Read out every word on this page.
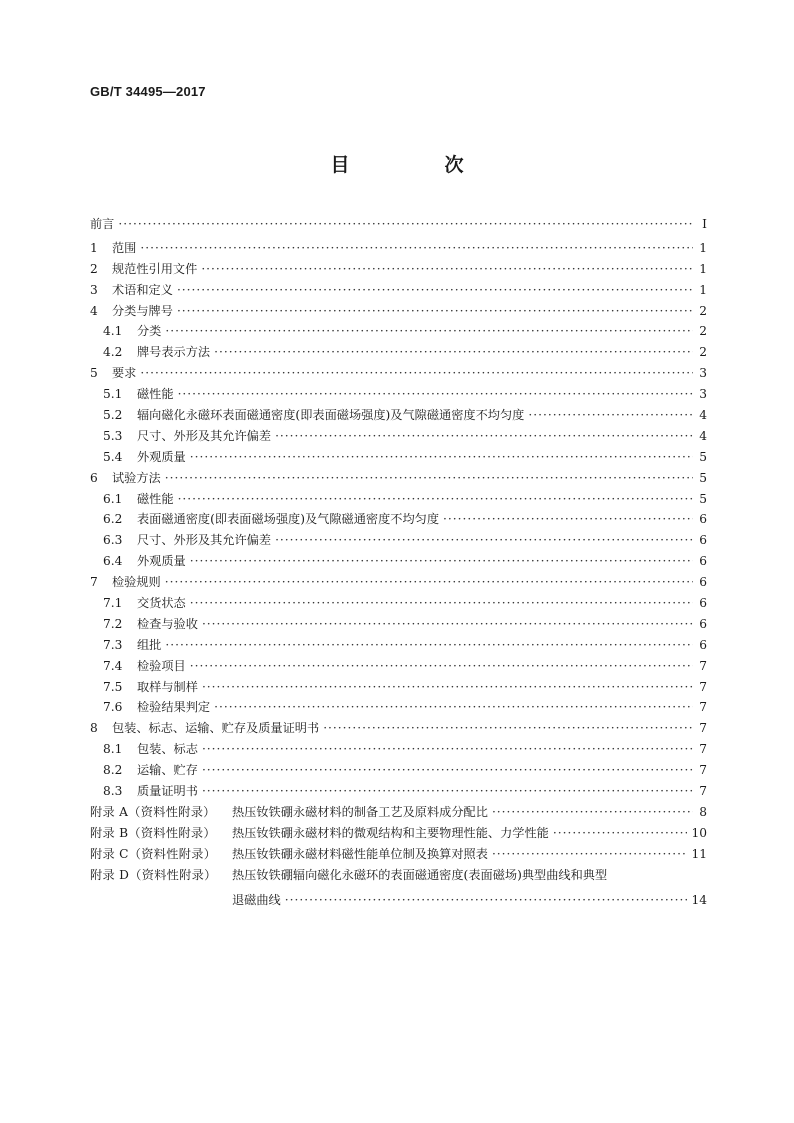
GB/T 34495—2017
目　次
前言 ·····	Ⅰ
1	范围 ·····	1
2	规范性引用文件 ·····	1
3	术语和定义 ·····	1
4	分类与牌号 ·····	2
4.1	分类 ·····	2
4.2	牌号表示方法 ·····	2
5	要求 ·····	3
5.1	磁性能 ·····	3
5.2	辐向磁化永磁环表面磁通密度(即表面磁场强度)及气隙磁通密度不均匀度 ·····	4
5.3	尺寸、外形及其允许偏差 ·····	4
5.4	外观质量 ·····	5
6	试验方法 ·····	5
6.1	磁性能 ·····	5
6.2	表面磁通密度(即表面磁场强度)及气隙磁通密度不均匀度 ·····	6
6.3	尺寸、外形及其允许偏差 ·····	6
6.4	外观质量 ·····	6
7	检验规则 ·····	6
7.1	交货状态 ·····	6
7.2	检查与验收 ·····	6
7.3	组批 ·····	6
7.4	检验项目 ·····	7
7.5	取样与制样 ·····	7
7.6	检验结果判定 ·····	7
8	包装、标志、运输、贮存及质量证明书 ·····	7
8.1	包装、标志 ·····	7
8.2	运输、贮存 ·····	7
8.3	质量证明书 ·····	7
附录 A（资料性附录）	热压钕铁硼永磁材料的制备工艺及原料成分配比 ·····	8
附录 B（资料性附录）	热压钕铁硼永磁材料的微观结构和主要物理性能、力学性能 ·····	10
附录 C（资料性附录）	热压钕铁硼永磁材料磁性能单位制及换算对照表 ·····	11
附录 D（资料性附录）	热压钕铁硼辐向磁化永磁环的表面磁通密度(表面磁场)典型曲线和典型
退磁曲线 ·····	14
